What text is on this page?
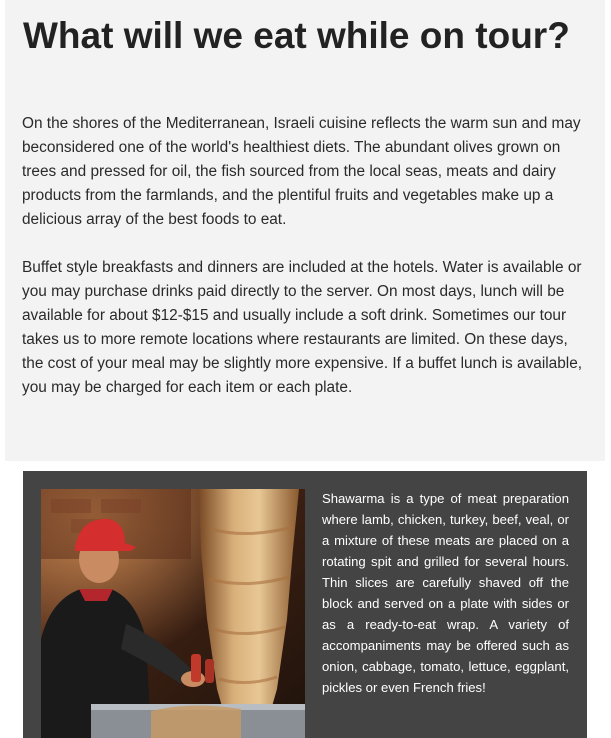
What will we eat while on tour?

On the shores of the Mediterranean, Israeli cuisine reflects the warm sun and may beconsidered one of the world's healthiest diets. The abundant olives grown on trees and pressed for oil, the fish sourced from the local seas, meats and dairy products from the farmlands, and the plentiful fruits and vegetables make up a delicious array of the best foods to eat.

Buffet style breakfasts and dinners are included at the hotels. Water is available or you may purchase drinks paid directly to the server. On most days, lunch will be available for about $12-$15 and usually include a soft drink. Sometimes our tour takes us to more remote locations where restaurants are limited. On these days, the cost of your meal may be slightly more expensive. If a buffet lunch is available, you may be charged for each item or each plate.

Shawarma is a type of meat preparation where lamb, chicken, turkey, beef, veal, or a mixture of these meats are placed on a rotating spit and grilled for several hours. Thin slices are carefully shaved off the block and served on a plate with sides or as a ready-to-eat wrap. A variety of accompaniments may be offered such as onion, cabbage, tomato, lettuce, eggplant, pickles or even French fries!
